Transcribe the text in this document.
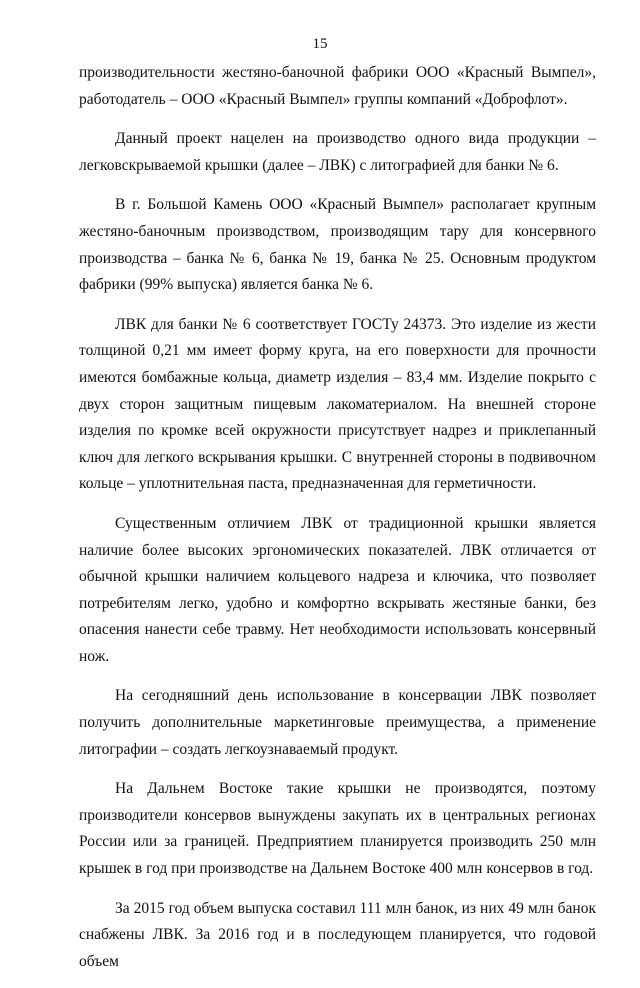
15

производительности жестяно-баночной фабрики ООО «Красный Вымпел», работодатель – ООО «Красный Вымпел» группы компаний «Доброфлот».

Данный проект нацелен на производство одного вида продукции – легковскрываемой крышки (далее – ЛВК) с литографией для банки № 6.

В г. Большой Камень ООО «Красный Вымпел» располагает крупным жестяно-баночным производством, производящим тару для консервного производства – банка № 6, банка № 19, банка № 25. Основным продуктом фабрики (99% выпуска) является банка № 6.

ЛВК для банки № 6 соответствует ГОСТу 24373. Это изделие из жести толщиной 0,21 мм имеет форму круга, на его поверхности для прочности имеются бомбажные кольца, диаметр изделия – 83,4 мм. Изделие покрыто с двух сторон защитным пищевым лакоматериалом. На внешней стороне изделия по кромке всей окружности присутствует надрез и приклепанный ключ для легкого вскрывания крышки. С внутренней стороны в подвивочном кольце – уплотнительная паста, предназначенная для герметичности.

Существенным отличием ЛВК от традиционной крышки является наличие более высоких эргономических показателей. ЛВК отличается от обычной крышки наличием кольцевого надреза и ключика, что позволяет потребителям легко, удобно и комфортно вскрывать жестяные банки, без опасения нанести себе травму. Нет необходимости использовать консервный нож.

На сегодняшний день использование в консервации ЛВК позволяет получить дополнительные маркетинговые преимущества, а применение литографии – создать легкоузнаваемый продукт.

На Дальнем Востоке такие крышки не производятся, поэтому производители консервов вынуждены закупать их в центральных регионах России или за границей. Предприятием планируется производить 250 млн крышек в год при производстве на Дальнем Востоке 400 млн консервов в год.

За 2015 год объем выпуска составил 111 млн банок, из них 49 млн банок снабжены ЛВК. За 2016 год и в последующем планируется, что годовой объем
